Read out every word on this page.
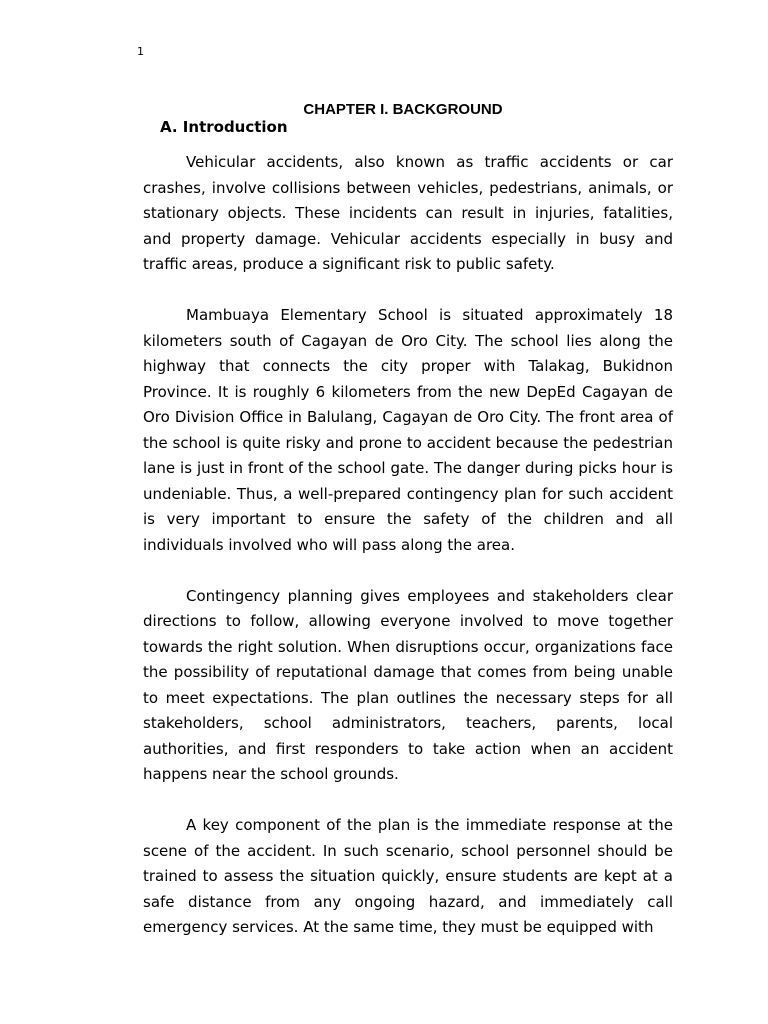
1
CHAPTER I. BACKGROUND
A. Introduction

Vehicular accidents, also known as traffic accidents or car crashes, involve collisions between vehicles, pedestrians, animals, or stationary objects. These incidents can result in injuries, fatalities, and property damage. Vehicular accidents especially in busy and traffic areas, produce a significant risk to public safety.

Mambuaya Elementary School is situated approximately 18 kilometers south of Cagayan de Oro City. The school lies along the highway that connects the city proper with Talakag, Bukidnon Province. It is roughly 6 kilometers from the new DepEd Cagayan de Oro Division Office in Balulang, Cagayan de Oro City. The front area of the school is quite risky and prone to accident because the pedestrian lane is just in front of the school gate. The danger during picks hour is undeniable. Thus, a well-prepared contingency plan for such accident is very important to ensure the safety of the children and all individuals involved who will pass along the area.

Contingency planning gives employees and stakeholders clear directions to follow, allowing everyone involved to move together towards the right solution. When disruptions occur, organizations face the possibility of reputational damage that comes from being unable to meet expectations. The plan outlines the necessary steps for all stakeholders, school administrators, teachers, parents, local authorities, and first responders to take action when an accident happens near the school grounds.

A key component of the plan is the immediate response at the scene of the accident. In such scenario, school personnel should be trained to assess the situation quickly, ensure students are kept at a safe distance from any ongoing hazard, and immediately call emergency services. At the same time, they must be equipped with
